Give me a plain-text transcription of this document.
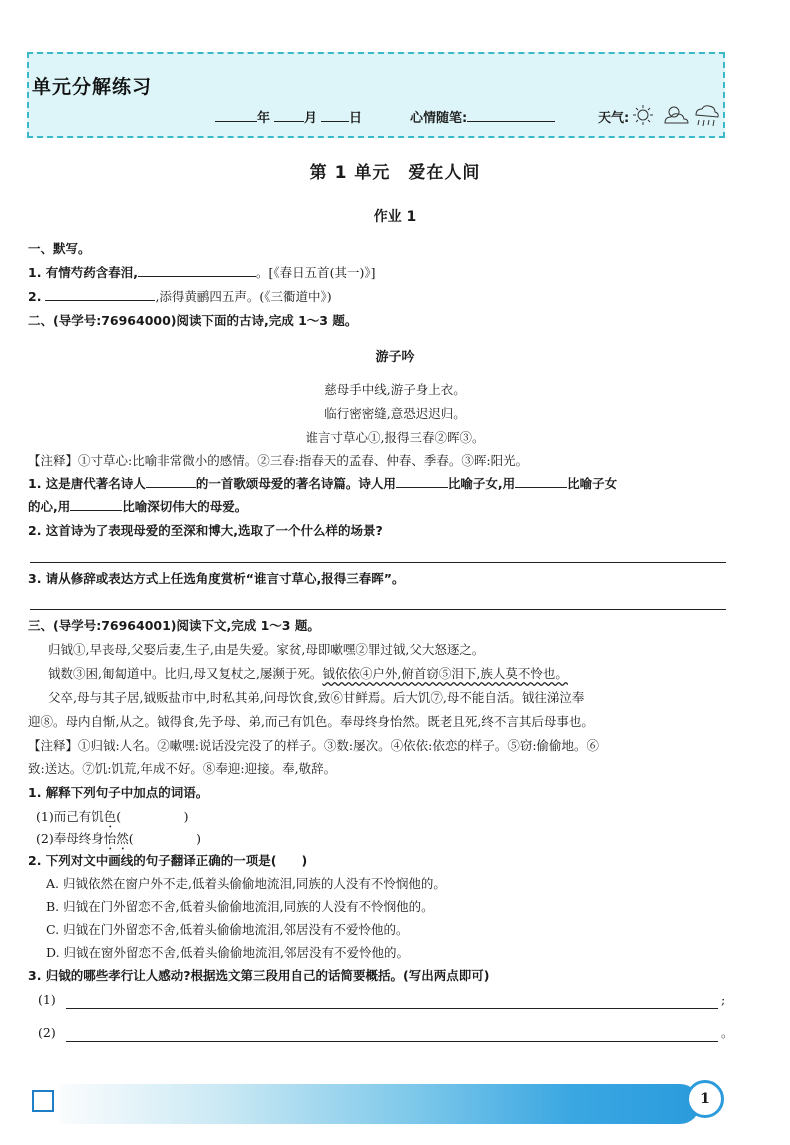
单元分解练习
年	月 日	心情随笔:	天气:
第 1 单元　爱在人间
作业 1
一、默写。
1. 有情芍药含春泪,	。[《春日五首(其一)》]
2.	,添得黄鹂四五声。(《三衢道中》)
二、(导学号:76964000)阅读下面的古诗,完成 1～3 题。
游子吟
慈母手中线,游子身上衣。
临行密密缝,意恐迟迟归。
谁言寸草心①,报得三春②晖③。
【注释】①寸草心:比喻非常微小的感情。②三春:指春天的孟春、仲春、季春。③晖:阳光。
1. 这是唐代著名诗人	的一首歌颂母爱的著名诗篇。诗人用	比喻子女,用	比喻子女
的心,用	比喻深切伟大的母爱。
2. 这首诗为了表现母爱的至深和博大,选取了一个什么样的场景?
3. 请从修辞或表达方式上任选角度赏析“谁言寸草心,报得三春晖”。
三、(导学号:76964001)阅读下文,完成 1～3 题。
归钺①,早丧母,父娶后妻,生子,由是失爱。家贫,母即嗽嘿②罪过钺,父大怒逐之。
钺数③困,匍匐道中。比归,母又复杖之,屡濒于死。钺依依④户外,俯首窃⑤泪下,族人莫不怜也。
父卒,母与其子居,钺贩盐市中,时私其弟,问母饮食,致⑥甘鲜焉。后大饥⑦,母不能自活。钺往涕泣奉
迎⑧。母内自惭,从之。钺得食,先予母、弟,而己有饥色。奉母终身怡然。既老且死,终不言其后母事也。
【注释】①归钺:人名。②嗽嘿:说话没完没了的样子。③数:屡次。④依依:依恋的样子。⑤窃:偷偷地。⑥
致:送达。⑦饥:饥荒,年成不好。⑧奉迎:迎接。奉,敬辞。
1. 解释下列句子中加点的词语。
(1)而己有饥色(　　　　　)
(2)奉母终身怡然(　　　　　)
2. 下列对文中画线的句子翻译正确的一项是(　　)
A. 归钺依然在窗户外不走,低着头偷偷地流泪,同族的人没有不怜悯他的。
B. 归钺在门外留恋不舍,低着头偷偷地流泪,同族的人没有不怜悯他的。
C. 归钺在门外留恋不舍,低着头偷偷地流泪,邻居没有不爱怜他的。
D. 归钺在窗外留恋不舍,低着头偷偷地流泪,邻居没有不爱怜他的。
3. 归钺的哪些孝行让人感动?根据选文第三段用自己的话简要概括。(写出两点即可)
(1)	;
(2)	。
1
